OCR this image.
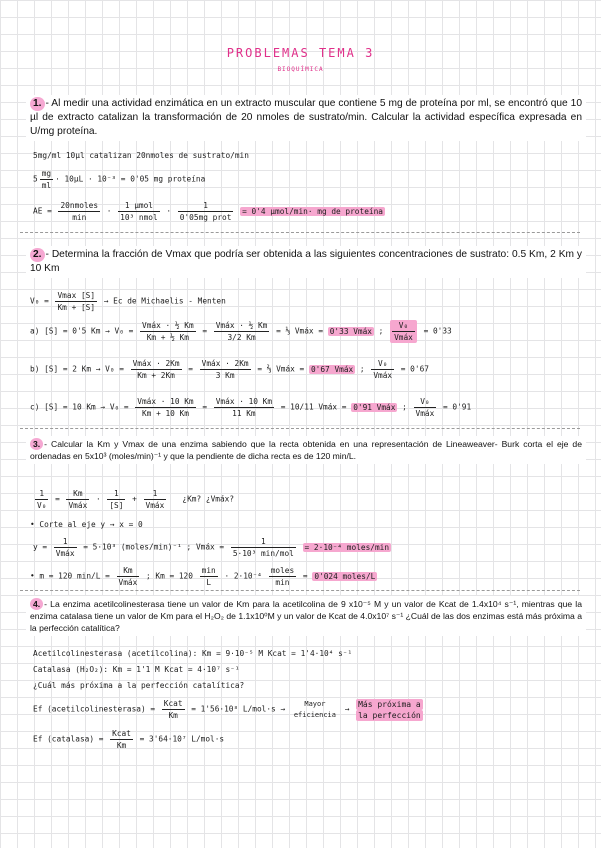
PROBLEMAS TEMA 3
BIOQUÍMICA
1. - Al medir una actividad enzimática en un extracto muscular que contiene 5 mg de proteína por ml, se encontró que 10 µl de extracto catalizan la transformación de 20 nmoles de sustrato/min. Calcular la actividad específica expresada en U/mg proteína.
5mg/ml 10µl catalizan 20nmoles de sustrato/min
$5 \frac{mg}{ml} \cdot 10\mu L \cdot 10^{-3} = 0'05$ mg proteína
AE = $\frac{\text{20nmoles}}{\min} \cdot \frac{\text{1 µmol}}{\text{10³ nmol}} \cdot \frac{1}{\text{0'05mg prot}} = 0'4$ µmol/min· mg de proteína
2. - Determina la fracción de Vmax que podría ser obtenida a las siguientes concentraciones de sustrato: 0.5 Km, 2 Km y 10 Km
$V_0 = \frac{Vmax [S]}{Km + [S]} \to Ec$ de Michaelis - Menten
a) [S] = 0'5 $Km \to V_0 = \frac{\text{Vmáx · ½ Km}}{\text{Km + ½ Km}} = \frac{\text{Vmáx · ½ Km}}{3/2 Km}$ = ⅓ Vmáx = 0'33 Vmáx ; $\frac{\text{V₀}}{\text{Vmáx}} = 0'33$
b) [S] = 2 $Km \to V_0 = \frac{\text{Vmáx · 2Km}}{Km + 2Km} = \frac{\text{Vmáx · 2Km}}{3 Km}$ = ⅔ Vmáx = 0'67 Vmáx ; $\frac{\text{V₀}}{\text{Vmáx}} = 0'67$
c) [S] = 10 $Km \to V_0 = \frac{\text{Vmáx · 10 Km}}{Km + 10 Km} = \frac{\text{Vmáx · 10 Km}}{11 Km} = 10/11$ Vmáx = 0'91 Vmáx ; $\frac{\text{V₀}}{\text{Vmáx}} = 0'91$
3. - Calcular la Km y Vmax de una enzima sabiendo que la recta obtenida en una representación de Lineaweaver- Burk corta el eje de ordenadas en 5x10³ (moles/min)⁻¹ y que la pendiente de dicha recta es de 120 min/L.
$\frac{1}{\text{V₀}} = \frac{Km}{\text{Vmáx}} \cdot \frac{1}{[S]} + \frac{1}{\text{Vmáx}}$ ¿Km? ¿Vmáx?
• Corte al eje y → x = 0
$y = \frac{1}{\text{Vmáx}} = 5\cdot 10^3$ (moles/min)⁻¹ ; Vmáx = $\frac{1}{\text{5·10³ min/mol}} = 2\cdot 10^{-4}$ moles/min
• m = 120 $\min/L = \frac{Km}{\text{Vmáx}}$ ; $Km = 120 \frac{\min}{L} \cdot 2\cdot 10^{-4} \frac{\text{moles}}{\min} = 0'024$ moles/L
4. - La enzima acetilcolinesterasa tiene un valor de Km para la acetilcolina de 9 x10⁻⁵ M y un valor de Kcat de 1.4x10⁴ s⁻¹, mientras que la enzima catalasa tiene un valor de Km para el H₂O₂ de 1.1x10⁰M y un valor de Kcat de 4.0x10⁷ s⁻¹ ¿Cuál de las dos enzimas está más próxima a la perfección catalítica?
Acetilcolinesterasa (acetilcolina): Km = 9·10⁻⁵ M Kcat = 1'4·10⁴ s⁻¹
Catalasa (H₂O₂): Km = 1'1 M Kcat = 4·10⁷ s⁻¹
¿Cuál más próxima a la perfección catalítica?
Ef (acetilcolinesterasa) = $\frac{\text{Kcat}}{Km} = 1'56\cdot 10^8$ L/mol·s →
Mayor
eficiencia
→
Más próxima a
la perfección
Ef (catalasa) = $\frac{\text{Kcat}}{Km} = 3'64\cdot 10^7$ L/mol·s
